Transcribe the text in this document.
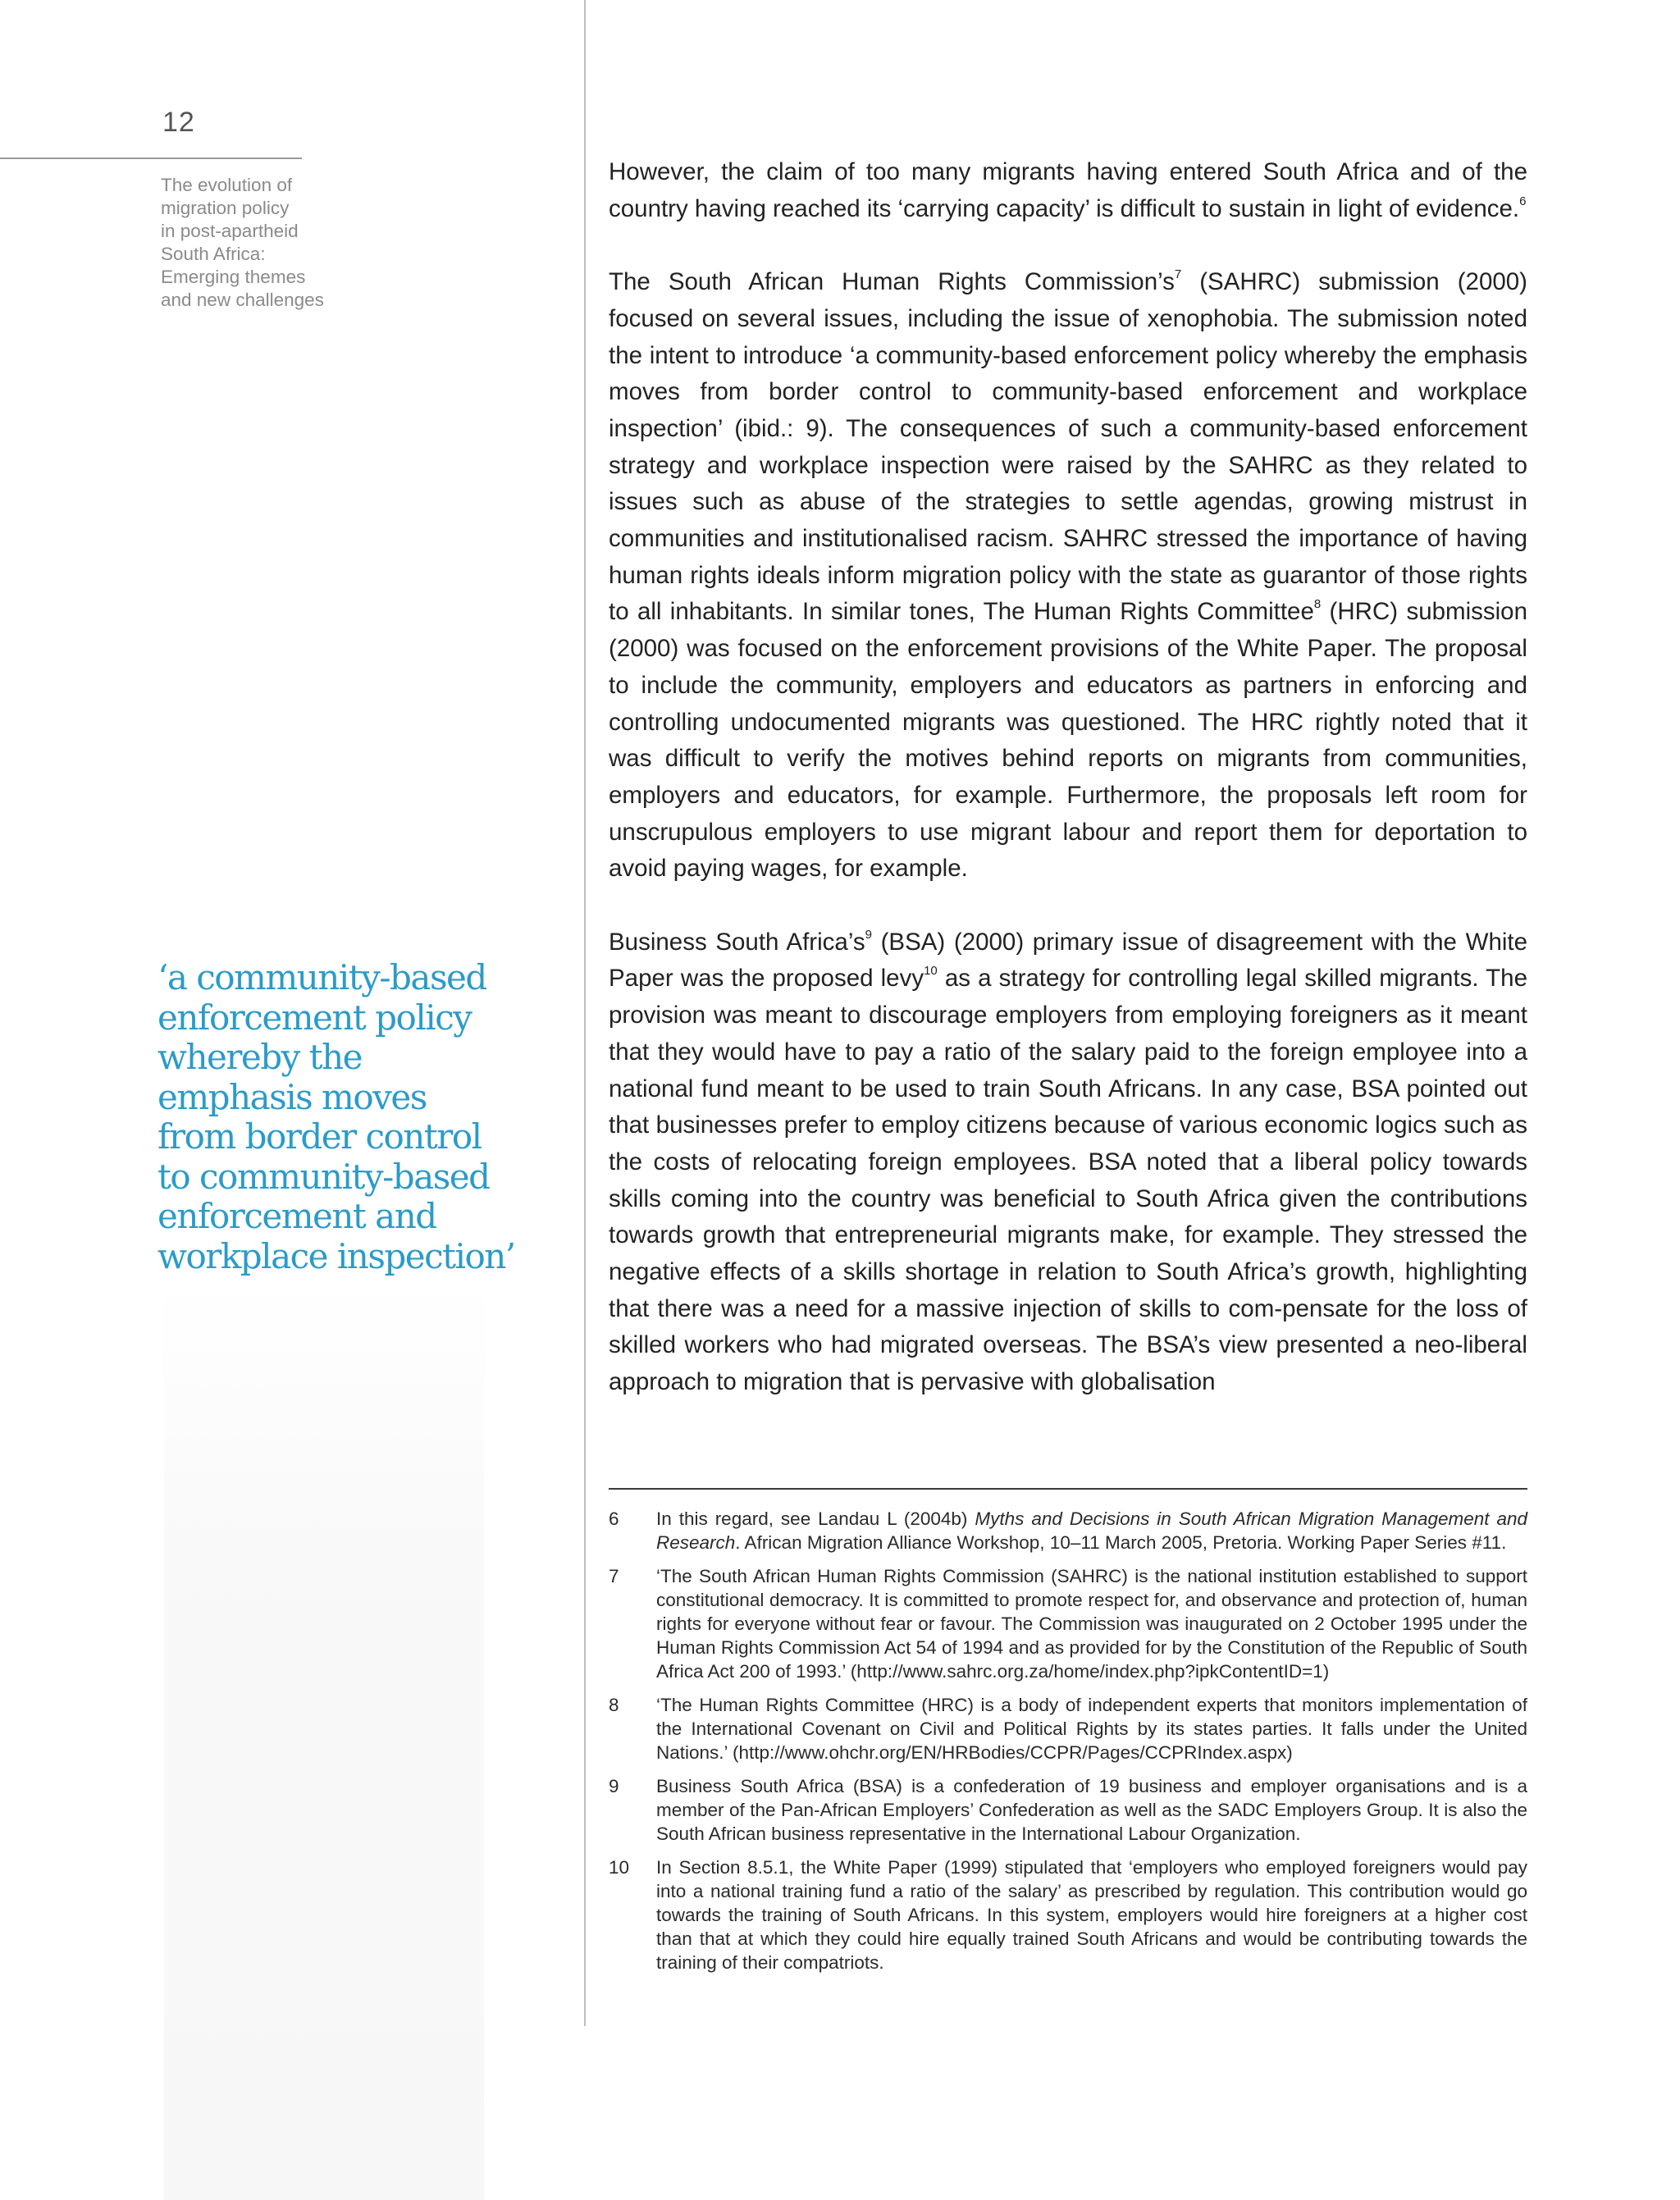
12
The evolution of
migration policy
in post-apartheid
South Africa:
Emerging themes
and new challenges
‘a community-based
enforcement policy
whereby the
emphasis moves
from border control
to community-based
enforcement and
workplace inspection’

However, the claim of too many migrants having entered South Africa and of the country having reached its ‘carrying capacity’ is difficult to sustain in light of evidence.$^6$

The South African Human Rights $Commission’s^7$ (SAHRC) submission (2000) focused on several issues, including the issue of xenophobia. The submission noted the intent to introduce ‘a community-based enforcement policy whereby the emphasis moves from border control to community-based enforcement and workplace inspection’ (ibid.: 9). The consequences of such a community-based enforcement strategy and workplace inspection were raised by the SAHRC as they related to issues such as abuse of the strategies to settle agendas, growing mistrust in communities and institutionalised racism. SAHRC stressed the importance of having human rights ideals inform migration policy with the state as guarantor of those rights to all inhabitants. In similar tones, The Human Rights Committee$^8$ (HRC) submission (2000) was focused on the enforcement provisions of the White Paper. The proposal to include the community, employers and educators as partners in enforcing and controlling undocumented migrants was questioned. The HRC rightly noted that it was difficult to verify the motives behind reports on migrants from communities, employers and educators, for example. Furthermore, the proposals left room for unscrupulous employers to use migrant labour and report them for deportation to avoid paying wages, for example.

Business South $Africa’s^9$ (BSA) (2000) primary issue of disagreement with the White Paper was the proposed levy$^{10}$ as a strategy for controlling legal skilled migrants. The provision was meant to discourage employers from employing foreigners as it meant that they would have to pay a ratio of the salary paid to the foreign employee into a national fund meant to be used to train South Africans. In any case, BSA pointed out that businesses prefer to employ citizens because of various economic logics such as the costs of relocating foreign employees. BSA noted that a liberal policy towards skills coming into the country was beneficial to South Africa given the contributions towards growth that entrepreneurial migrants make, for example. They stressed the negative effects of a skills shortage in relation to South Africa’s growth, highlighting that there was a need for a massive injection of skills to com-pensate for the loss of skilled workers who had migrated overseas. The BSA’s view presented a neo-liberal approach to migration that is pervasive with globalisation

6	In this regard, see Landau L (2004b) Myths and Decisions in South African Migration Management and Research. African Migration Alliance Workshop, 10–11 March 2005, Pretoria. Working Paper Series #11.
7	‘The South African Human Rights Commission (SAHRC) is the national institution established to support constitutional democracy. It is committed to promote respect for, and observance and protection of, human rights for everyone without fear or favour. The Commission was inaugurated on 2 October 1995 under the Human Rights Commission Act 54 of 1994 and as provided for by the Constitution of the Republic of South Africa Act 200 of 1993.’ (http://www.sahrc.org.za/home/index.php?ipkContentID=1)
8	‘The Human Rights Committee (HRC) is a body of independent experts that monitors implementation of the International Covenant on Civil and Political Rights by its states parties. It falls under the United Nations.’ (http://www.ohchr.org/EN/HRBodies/CCPR/Pages/CCPRIndex.aspx)
9	Business South Africa (BSA) is a confederation of 19 business and employer organisations and is a member of the Pan-African Employers’ Confederation as well as the SADC Employers Group. It is also the South African business representative in the International Labour Organization.
10	In Section 8.5.1, the White Paper (1999) stipulated that ‘employers who employed foreigners would pay into a national training fund a ratio of the salary’ as prescribed by regulation. This contribution would go towards the training of South Africans. In this system, employers would hire foreigners at a higher cost than that at which they could hire equally trained South Africans and would be contributing towards the training of their compatriots.
